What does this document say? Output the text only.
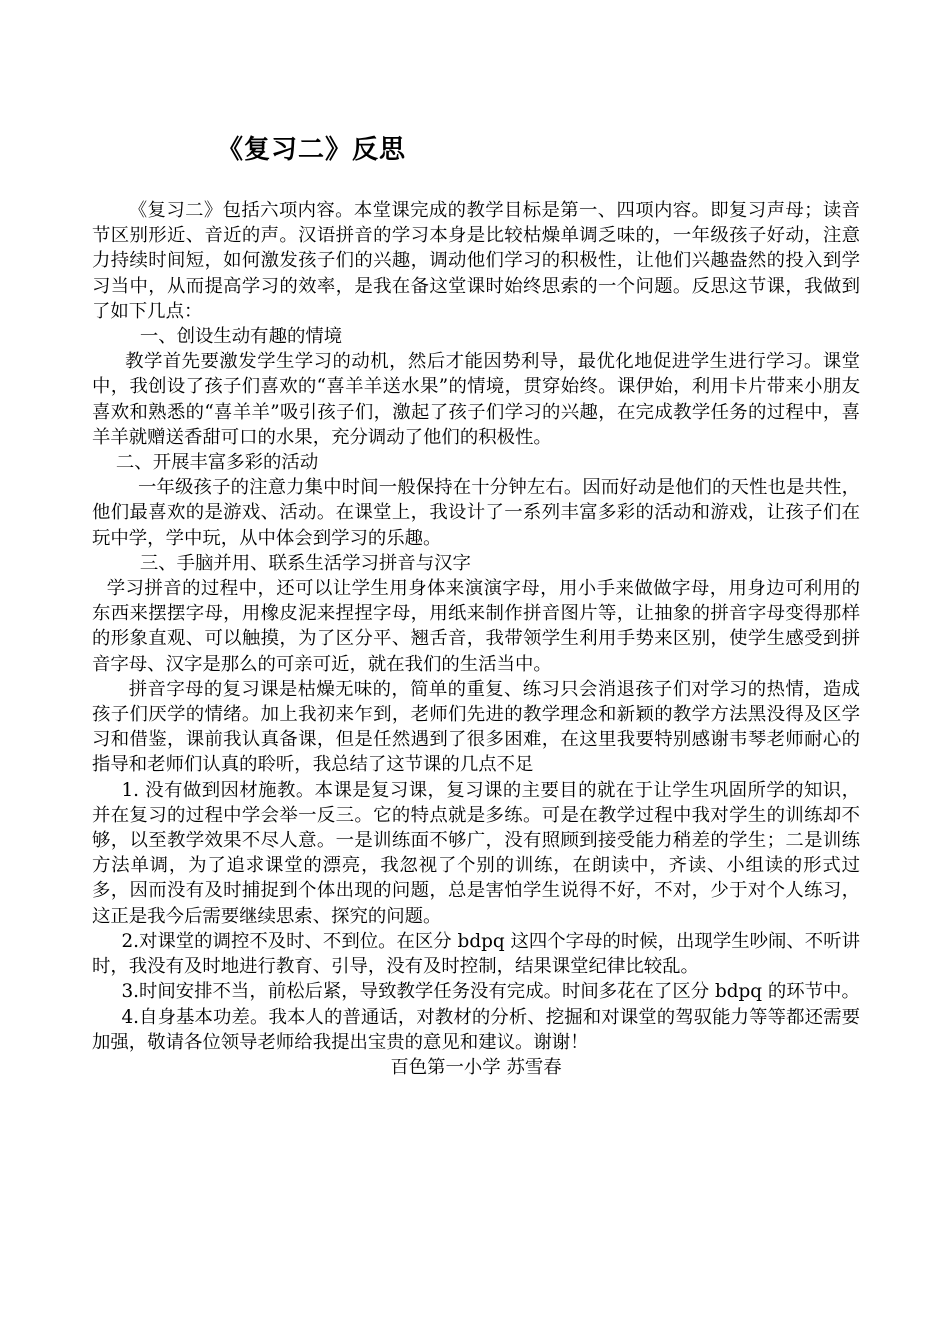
《复习二》反思

《复习二》包括六项内容。本堂课完成的教学目标是第一、四项内容。即复习声母；读音节区别形近、音近的声。汉语拼音的学习本身是比较枯燥单调乏味的，一年级孩子好动，注意力持续时间短，如何激发孩子们的兴趣，调动他们学习的积极性，让他们兴趣盎然的投入到学习当中，从而提高学习的效率，是我在备这堂课时始终思索的一个问题。反思这节课，我做到了如下几点：

一、创设生动有趣的情境

教学首先要激发学生学习的动机，然后才能因势利导，最优化地促进学生进行学习。课堂中，我创设了孩子们喜欢的“喜羊羊送水果”的情境，贯穿始终。课伊始，利用卡片带来小朋友喜欢和熟悉的“喜羊羊”吸引孩子们，激起了孩子们学习的兴趣，在完成教学任务的过程中，喜羊羊就赠送香甜可口的水果，充分调动了他们的积极性。

二、开展丰富多彩的活动

一年级孩子的注意力集中时间一般保持在十分钟左右。因而好动是他们的天性也是共性，他们最喜欢的是游戏、活动。在课堂上，我设计了一系列丰富多彩的活动和游戏，让孩子们在玩中学，学中玩，从中体会到学习的乐趣。

三、手脑并用、联系生活学习拼音与汉字

学习拼音的过程中，还可以让学生用身体来演演字母，用小手来做做字母，用身边可利用的东西来摆摆字母，用橡皮泥来捏捏字母，用纸来制作拼音图片等，让抽象的拼音字母变得那样的形象直观、可以触摸，为了区分平、翘舌音，我带领学生利用手势来区别，使学生感受到拼音字母、汉字是那么的可亲可近，就在我们的生活当中。

拼音字母的复习课是枯燥无味的，简单的重复、练习只会消退孩子们对学习的热情，造成孩子们厌学的情绪。加上我初来乍到，老师们先进的教学理念和新颖的教学方法黑没得及区学习和借鉴，课前我认真备课，但是任然遇到了很多困难，在这里我要特别感谢韦琴老师耐心的指导和老师们认真的聆听，我总结了这节课的几点不足

1. 没有做到因材施教。本课是复习课，复习课的主要目的就在于让学生巩固所学的知识，并在复习的过程中学会举一反三。它的特点就是多练。可是在教学过程中我对学生的训练却不够，以至教学效果不尽人意。一是训练面不够广，没有照顾到接受能力稍差的学生；二是训练方法单调，为了追求课堂的漂亮，我忽视了个别的训练，在朗读中，齐读、小组读的形式过多，因而没有及时捕捉到个体出现的问题，总是害怕学生说得不好，不对，少于对个人练习，这正是我今后需要继续思索、探究的问题。

2.对课堂的调控不及时、不到位。在区分 bdpq 这四个字母的时候，出现学生吵闹、不听讲时，我没有及时地进行教育、引导，没有及时控制，结果课堂纪律比较乱。

3.时间安排不当，前松后紧，导致教学任务没有完成。时间多花在了区分 bdpq 的环节中。

4.自身基本功差。我本人的普通话，对教材的分析、挖掘和对课堂的驾驭能力等等都还需要加强，敬请各位领导老师给我提出宝贵的意见和建议。谢谢！

百色第一小学 苏雪春
